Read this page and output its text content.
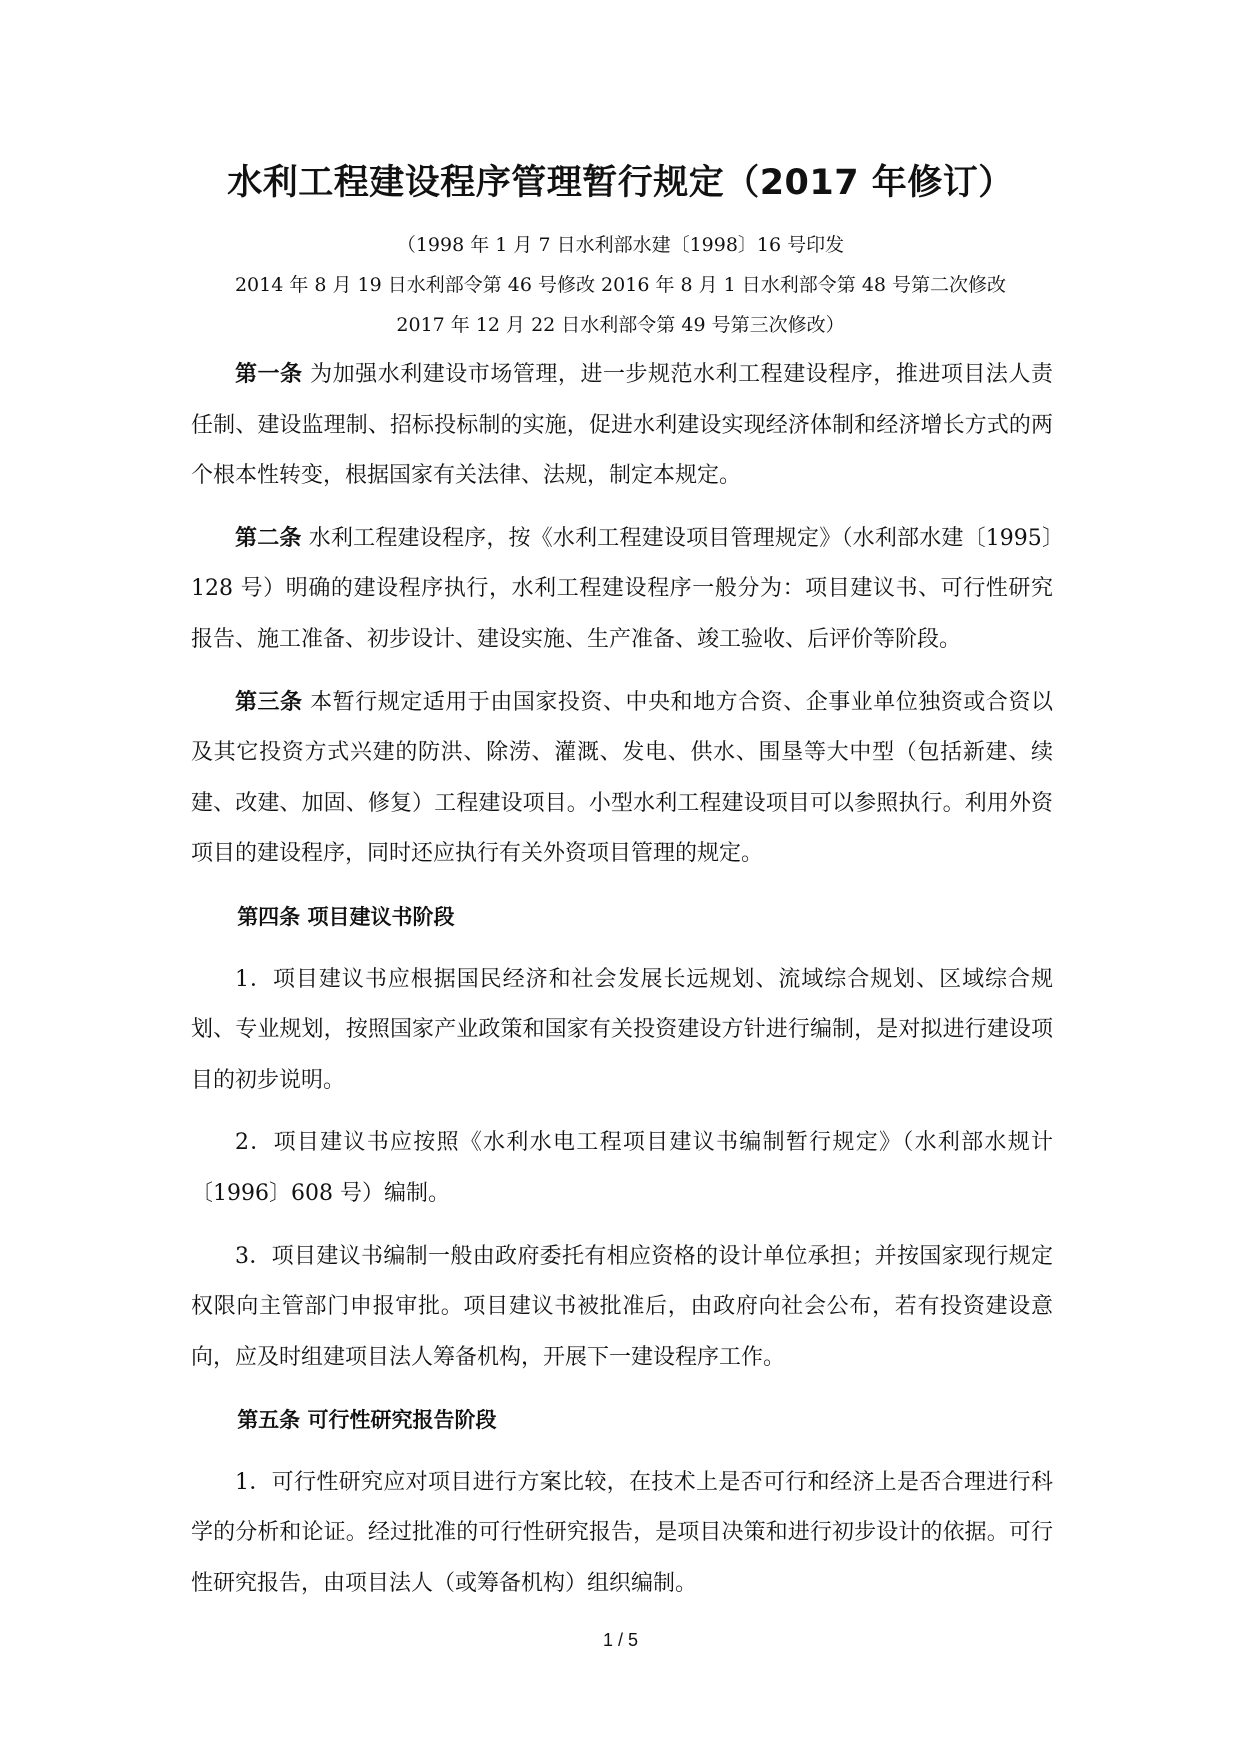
水利工程建设程序管理暂行规定（2017 年修订）

（1998 年 1 月 7 日水利部水建〔1998〕16 号印发

2014 年 8 月 19 日水利部令第 46 号修改 2016 年 8 月 1 日水利部令第 48 号第二次修改

2017 年 12 月 22 日水利部令第 49 号第三次修改）

第一条 为加强水利建设市场管理，进一步规范水利工程建设程序，推进项目法人责任制、建设监理制、招标投标制的实施，促进水利建设实现经济体制和经济增长方式的两个根本性转变，根据国家有关法律、法规，制定本规定。

第二条 水利工程建设程序，按《水利工程建设项目管理规定》（水利部水建〔1995〕128 号）明确的建设程序执行，水利工程建设程序一般分为：项目建议书、可行性研究报告、施工准备、初步设计、建设实施、生产准备、竣工验收、后评价等阶段。

第三条 本暂行规定适用于由国家投资、中央和地方合资、企事业单位独资或合资以及其它投资方式兴建的防洪、除涝、灌溉、发电、供水、围垦等大中型（包括新建、续建、改建、加固、修复）工程建设项目。小型水利工程建设项目可以参照执行。利用外资项目的建设程序，同时还应执行有关外资项目管理的规定。

第四条 项目建议书阶段

1．项目建议书应根据国民经济和社会发展长远规划、流域综合规划、区域综合规划、专业规划，按照国家产业政策和国家有关投资建设方针进行编制，是对拟进行建设项目的初步说明。

2．项目建议书应按照《水利水电工程项目建议书编制暂行规定》（水利部水规计〔1996〕608 号）编制。

3．项目建议书编制一般由政府委托有相应资格的设计单位承担；并按国家现行规定权限向主管部门申报审批。项目建议书被批准后，由政府向社会公布，若有投资建设意向，应及时组建项目法人筹备机构，开展下一建设程序工作。

第五条 可行性研究报告阶段

1．可行性研究应对项目进行方案比较，在技术上是否可行和经济上是否合理进行科学的分析和论证。经过批准的可行性研究报告，是项目决策和进行初步设计的依据。可行性研究报告，由项目法人（或筹备机构）组织编制。

1 / 5
